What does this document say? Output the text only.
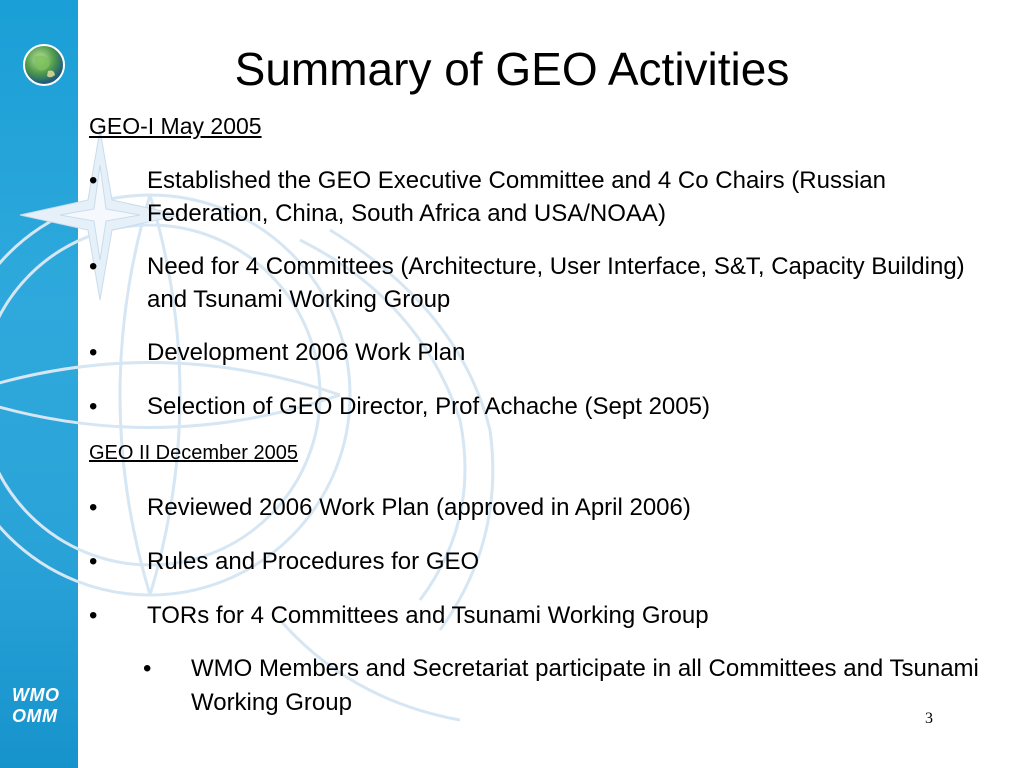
WMO
OMM
Summary of GEO Activities
GEO-I May 2005
• Established the GEO Executive Committee and 4 Co Chairs (Russian Federation, China, South Africa and USA/NOAA)
• Need for 4 Committees (Architecture, User Interface, S&T, Capacity Building) and Tsunami Working Group
• Development 2006 Work Plan
• Selection of GEO Director, Prof Achache (Sept 2005)
GEO II December 2005
• Reviewed 2006 Work Plan (approved in April 2006)
• Rules and Procedures for GEO
• TORs for 4 Committees and Tsunami Working Group
• WMO Members and Secretariat participate in all Committees and Tsunami Working Group
3
